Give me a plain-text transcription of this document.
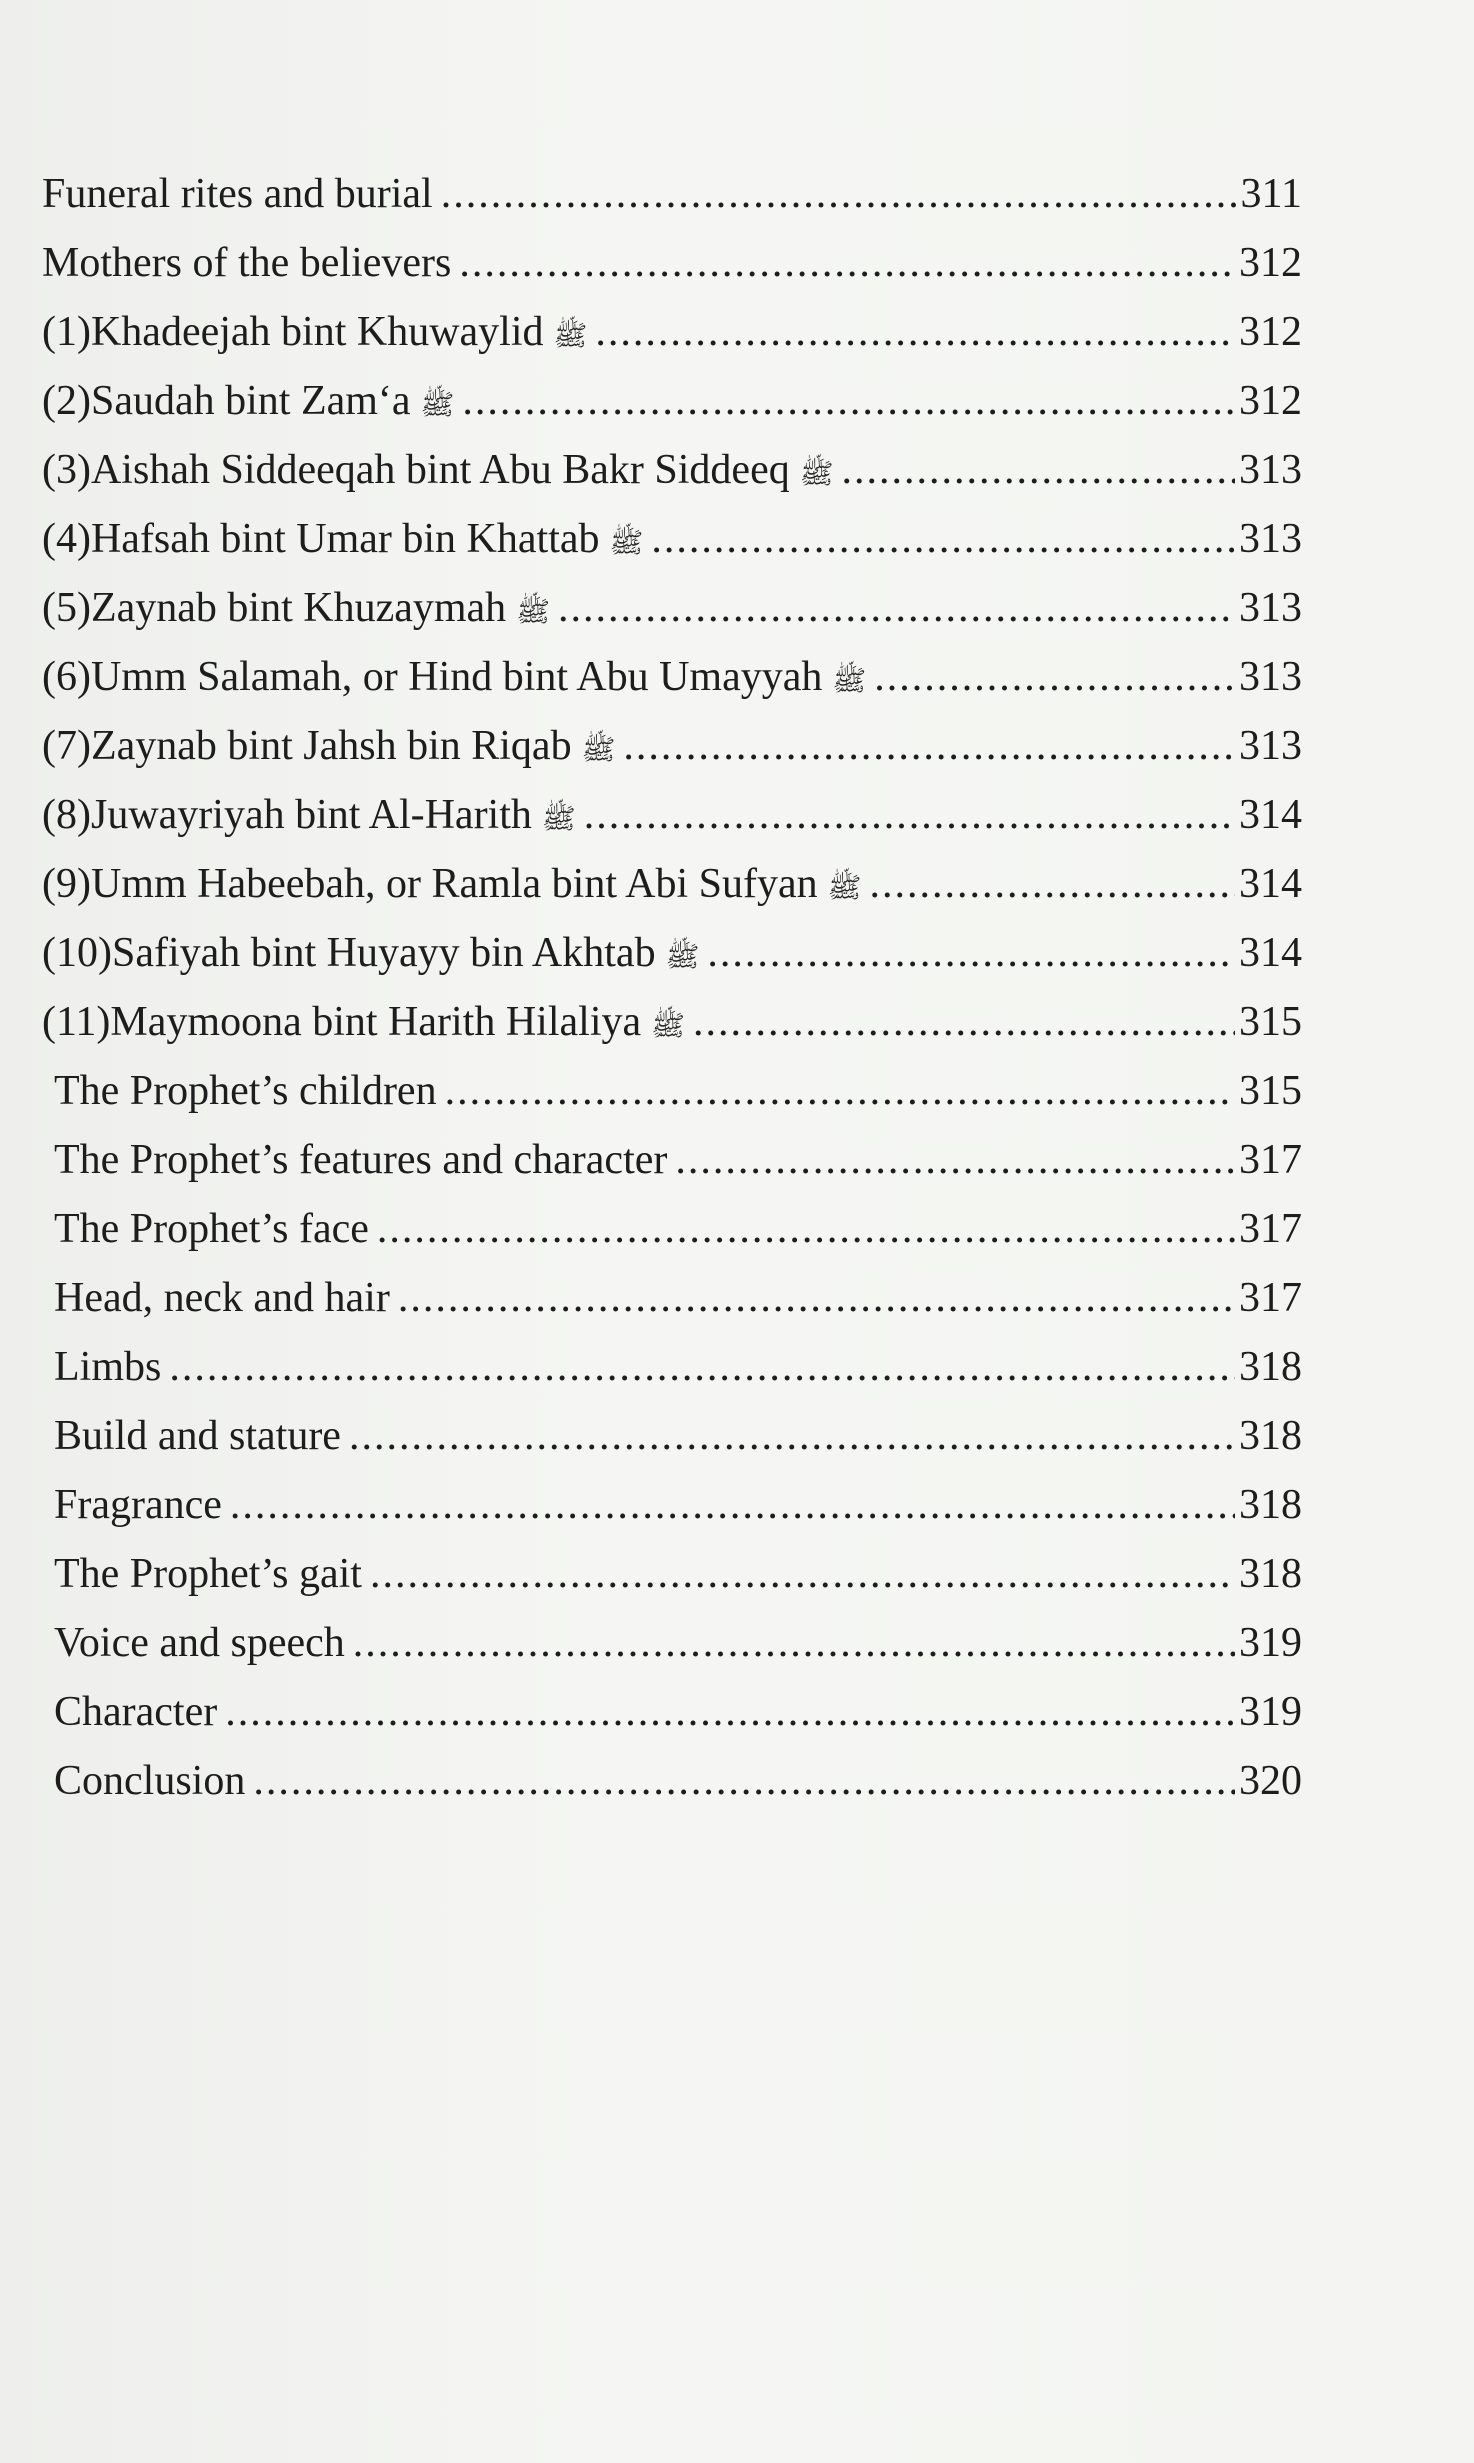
Funeral rites and burial .....	311
Mothers of the believers .....	312
(1)Khadeejah bint Khuwaylid ﷺ .....	312
(2)Saudah bint Zam‘a ﷺ .....	312
(3)Aishah Siddeeqah bint Abu Bakr Siddeeq ﷺ .....	313
(4)Hafsah bint Umar bin Khattab ﷺ .....	313
(5)Zaynab bint Khuzaymah ﷺ .....	313
(6)Umm Salamah, or Hind bint Abu Umayyah ﷺ .....	313
(7)Zaynab bint Jahsh bin Riqab ﷺ .....	313
(8)Juwayriyah bint Al-Harith ﷺ .....	314
(9)Umm Habeebah, or Ramla bint Abi Sufyan ﷺ .....	314
(10)Safiyah bint Huyayy bin Akhtab ﷺ .....	314
(11)Maymoona bint Harith Hilaliya ﷺ .....	315
The Prophet’s children .....	315
The Prophet’s features and character .....	317
The Prophet’s face .....	317
Head, neck and hair .....	317
Limbs .....	318
Build and stature .....	318
Fragrance .....	318
The Prophet’s gait .....	318
Voice and speech .....	319
Character .....	319
Conclusion .....	320
